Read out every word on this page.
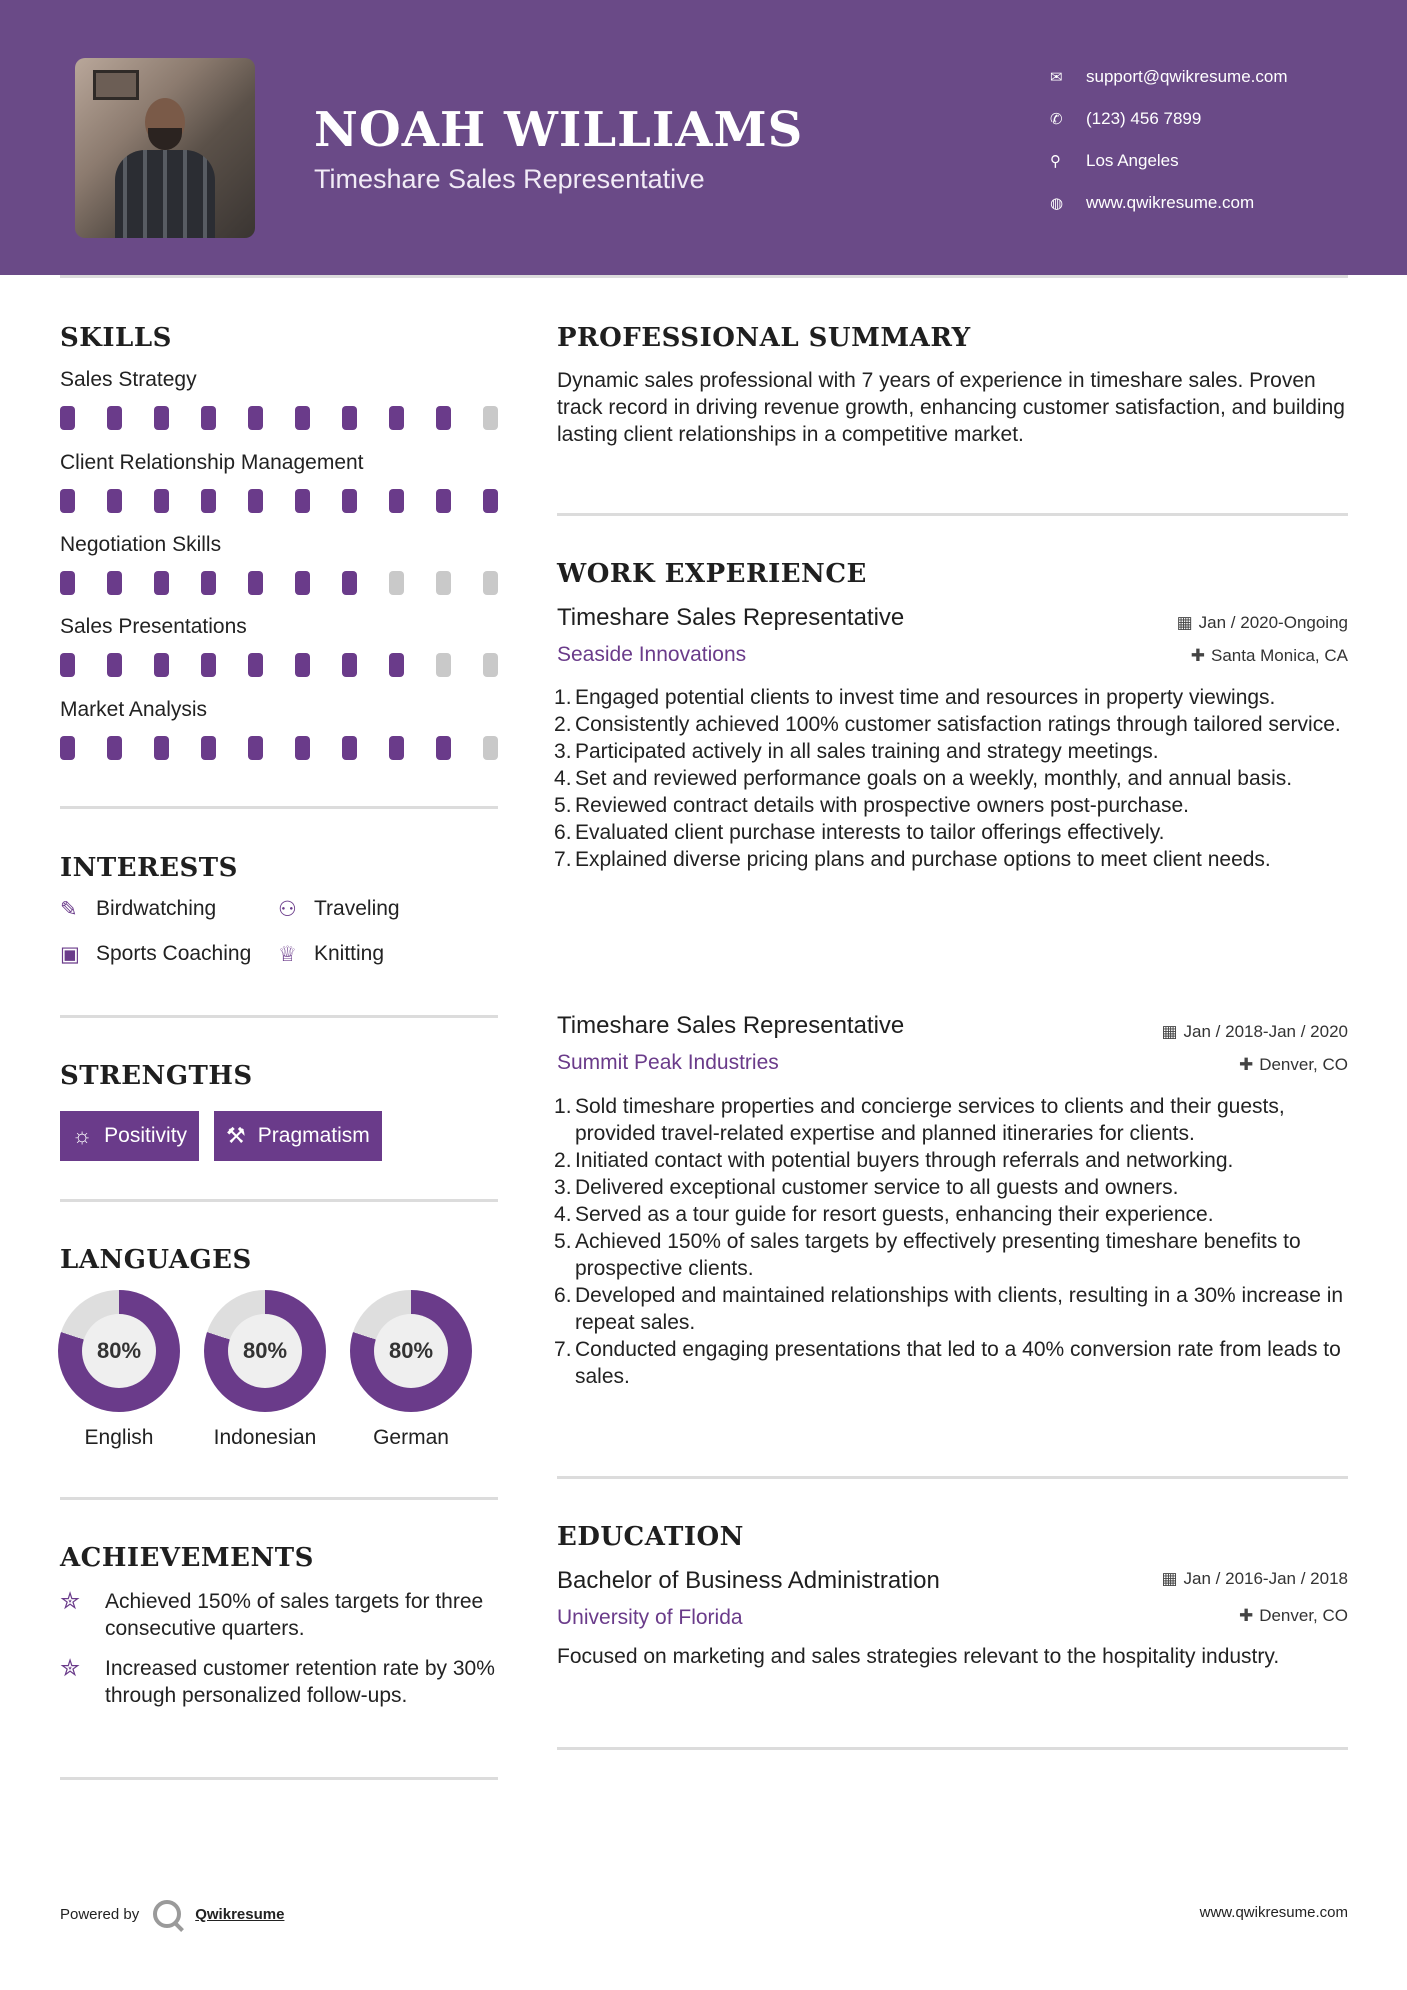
NOAH WILLIAMS
Timeshare Sales Representative
✉	support@qwikresume.com
✆	(123) 456 7899
⚲	Los Angeles
◍	www.qwikresume.com
SKILLS
Sales Strategy
Client Relationship Management
Negotiation Skills
Sales Presentations
Market Analysis
INTERESTS
✎ Birdwatching	⚇ Traveling
▣ Sports Coaching ♕ Knitting
STRENGTHS
☼ Positivity ⚒ Pragmatism
LANGUAGES
80%
English
80%
Indonesian
80%
German
ACHIEVEMENTS
✮	Achieved 150% of sales targets for three consecutive quarters.
✮	Increased customer retention rate by 30% through personalized follow-ups.
PROFESSIONAL SUMMARY
Dynamic sales professional with 7 years of experience in timeshare sales. Proven track record in driving revenue growth, enhancing customer satisfaction, and building lasting client relationships in a competitive market.
WORK EXPERIENCE
Timeshare Sales Representative	▦ Jan / 2020-Ongoing
Seaside Innovations	✚ Santa Monica, CA
Engaged potential clients to invest time and resources in property viewings.
Consistently achieved 100% customer satisfaction ratings through tailored service.
Participated actively in all sales training and strategy meetings.
Set and reviewed performance goals on a weekly, monthly, and annual basis.
Reviewed contract details with prospective owners post-purchase.
Evaluated client purchase interests to tailor offerings effectively.
Explained diverse pricing plans and purchase options to meet client needs.
Timeshare Sales Representative	▦ Jan / 2018-Jan / 2020
Summit Peak Industries	✚ Denver, CO
Sold timeshare properties and concierge services to clients and their guests, provided travel-related expertise and planned itineraries for clients.
Initiated contact with potential buyers through referrals and networking.
Delivered exceptional customer service to all guests and owners.
Served as a tour guide for resort guests, enhancing their experience.
Achieved 150% of sales targets by effectively presenting timeshare benefits to prospective clients.
Developed and maintained relationships with clients, resulting in a 30% increase in repeat sales.
Conducted engaging presentations that led to a 40% conversion rate from leads to sales.
EDUCATION
Bachelor of Business Administration	▦ Jan / 2016-Jan / 2018
University of Florida	✚ Denver, CO
Focused on marketing and sales strategies relevant to the hospitality industry.
Powered by	Qwikresume	www.qwikresume.com
